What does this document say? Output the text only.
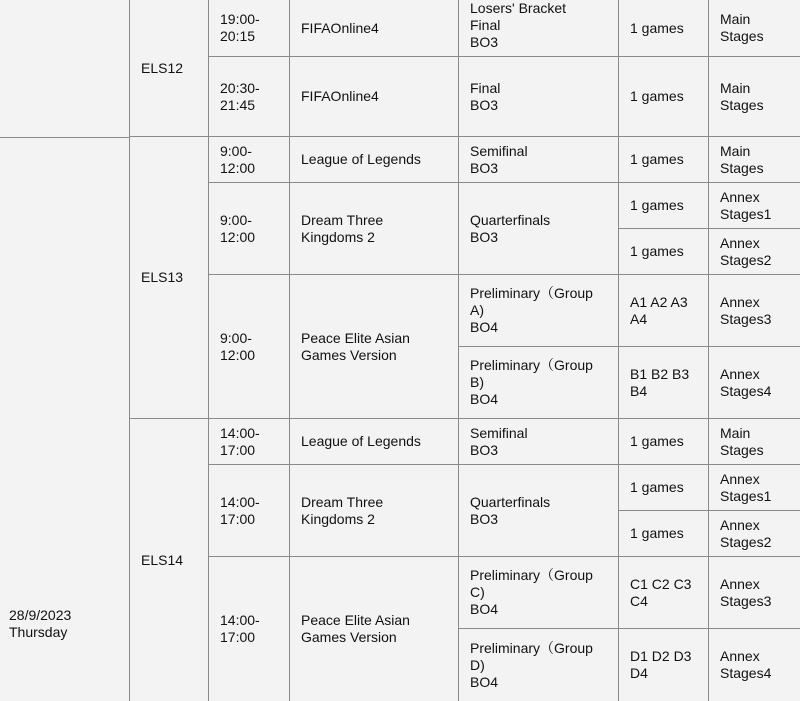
28/9/2023
Thursday
ELS12
ELS13
ELS14
19:00-
20:15
FIFAOnline4
Losers' Bracket
Final
BO3
1 games
Main
Stages
20:30-
21:45
FIFAOnline4
Final
BO3
1 games
Main
Stages
9:00-
12:00
League of Legends
Semifinal
BO3
1 games
Main
Stages
9:00-
12:00
Dream Three
Kingdoms 2
Quarterfinals
BO3
1 games
Annex
Stages1
1 games
Annex
Stages2
9:00-
12:00
Peace Elite Asian
Games Version
Preliminary（Group
A)
BO4
A1 A2 A3
A4
Annex
Stages3
Preliminary（Group
B)
BO4
B1 B2 B3
B4
Annex
Stages4
14:00-
17:00
League of Legends
Semifinal
BO3
1 games
Main
Stages
14:00-
17:00
Dream Three
Kingdoms 2
Quarterfinals
BO3
1 games
Annex
Stages1
1 games
Annex
Stages2
14:00-
17:00
Peace Elite Asian
Games Version
Preliminary（Group
C)
BO4
C1 C2 C3
C4
Annex
Stages3
Preliminary（Group
D)
BO4
D1 D2 D3
D4
Annex
Stages4
